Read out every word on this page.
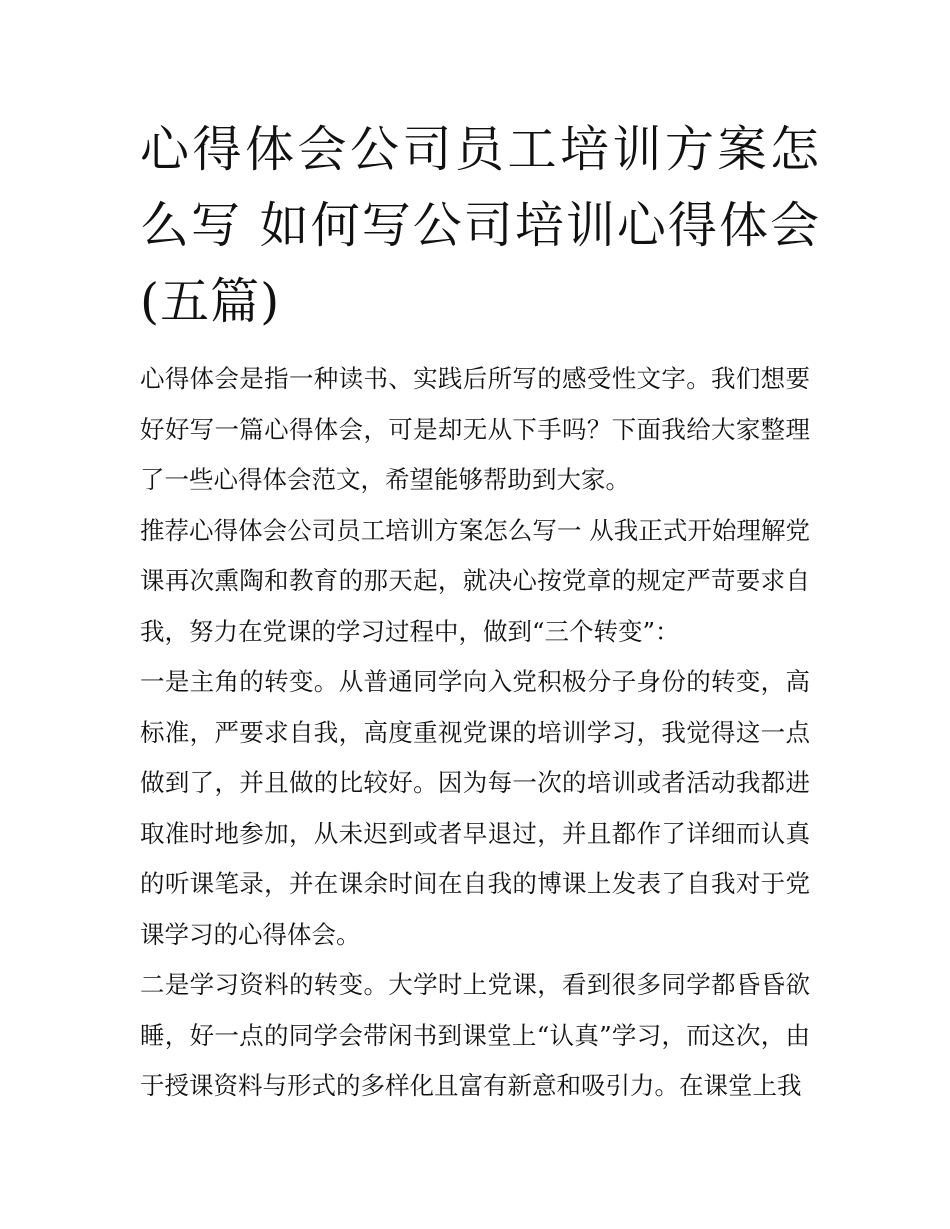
心得体会公司员工培训方案怎么写 如何写公司培训心得体会(五篇)

心得体会是指一种读书、实践后所写的感受性文字。我们想要好好写一篇心得体会，可是却无从下手吗？下面我给大家整理了一些心得体会范文，希望能够帮助到大家。

推荐心得体会公司员工培训方案怎么写一 从我正式开始理解党课再次熏陶和教育的那天起，就决心按党章的规定严苛要求自我，努力在党课的学习过程中，做到“三个转变”：

一是主角的转变。从普通同学向入党积极分子身份的转变，高标准，严要求自我，高度重视党课的培训学习，我觉得这一点做到了，并且做的比较好。因为每一次的培训或者活动我都进取准时地参加，从未迟到或者早退过，并且都作了详细而认真的听课笔录，并在课余时间在自我的博课上发表了自我对于党课学习的心得体会。

二是学习资料的转变。大学时上党课，看到很多同学都昏昏欲睡，好一点的同学会带闲书到课堂上“认真”学习，而这次，由于授课资料与形式的多样化且富有新意和吸引力。在课堂上我
